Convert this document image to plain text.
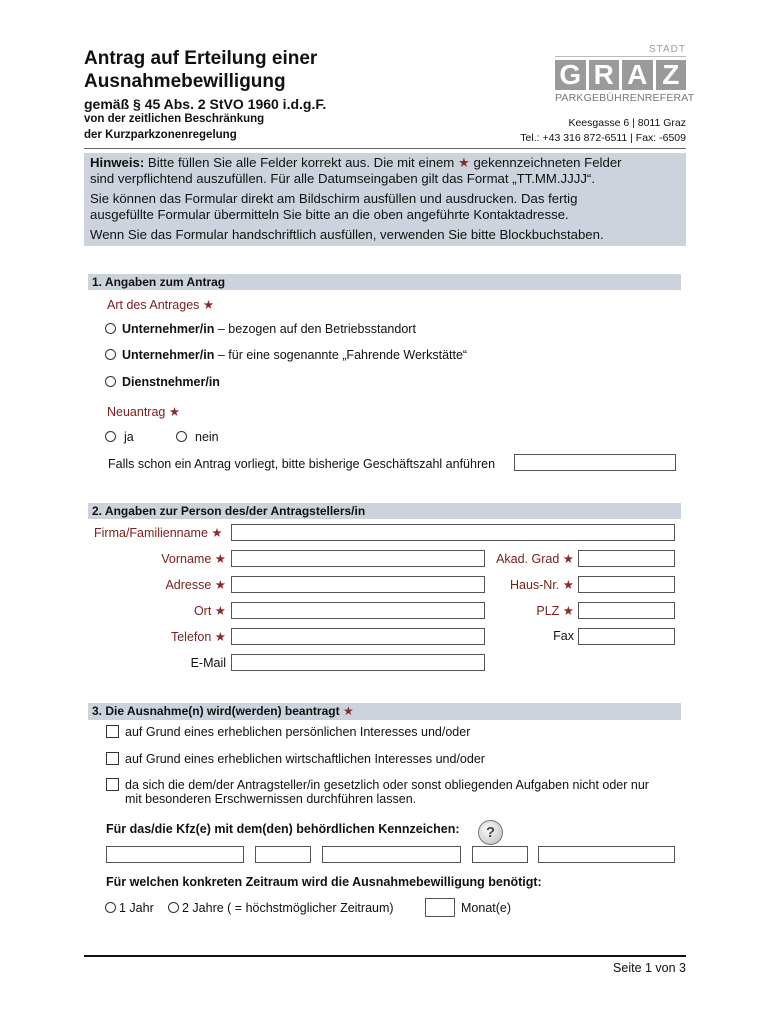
Antrag auf Erteilung einer
Ausnahmebewilligung
gemäß § 45 Abs. 2 StVO 1960 i.d.g.F.
von der zeitlichen Beschränkung
der Kurzparkzonenregelung
STADT
G R A Z
PARKGEBÜHRENREFERAT
Keesgasse 6 | 8011 Graz
Tel.: +43 316 872-6511 | Fax: -6509
Hinweis: Bitte füllen Sie alle Felder korrekt aus. Die mit einem ★ gekennzeichneten Felder
sind verpflichtend auszufüllen. Für alle Datumseingaben gilt das Format „TT.MM.JJJJ“.
Sie können das Formular direkt am Bildschirm ausfüllen und ausdrucken. Das fertig
ausgefüllte Formular übermitteln Sie bitte an die oben angeführte Kontaktadresse.
Wenn Sie das Formular handschriftlich ausfüllen, verwenden Sie bitte Blockbuchstaben.
1. Angaben zum Antrag
Art des Antrages ★
Unternehmer/in – bezogen auf den Betriebsstandort
Unternehmer/in – für eine sogenannte „Fahrende Werkstätte“
Dienstnehmer/in
Neuantrag ★
ja	nein
Falls schon ein Antrag vorliegt, bitte bisherige Geschäftszahl anführen
2. Angaben zur Person des/der Antragstellers/in
Firma/Familienname ★
Vorname ★	Akad. Grad ★
Adresse ★	Haus-Nr. ★
Ort ★	PLZ ★
Telefon ★	Fax
E-Mail
3. Die Ausnahme(n) wird(werden) beantragt ★
auf Grund eines erheblichen persönlichen Interesses und/oder
auf Grund eines erheblichen wirtschaftlichen Interesses und/oder
da sich die dem/der Antragsteller/in gesetzlich oder sonst obliegenden Aufgaben nicht oder nur
mit besonderen Erschwernissen durchführen lassen.
Für das/die Kfz(e) mit dem(den) behördlichen Kennzeichen:	?
Für welchen konkreten Zeitraum wird die Ausnahmebewilligung benötigt:
1 Jahr	2 Jahre ( = höchstmöglicher Zeitraum)	Monat(e)
Seite 1 von 3
